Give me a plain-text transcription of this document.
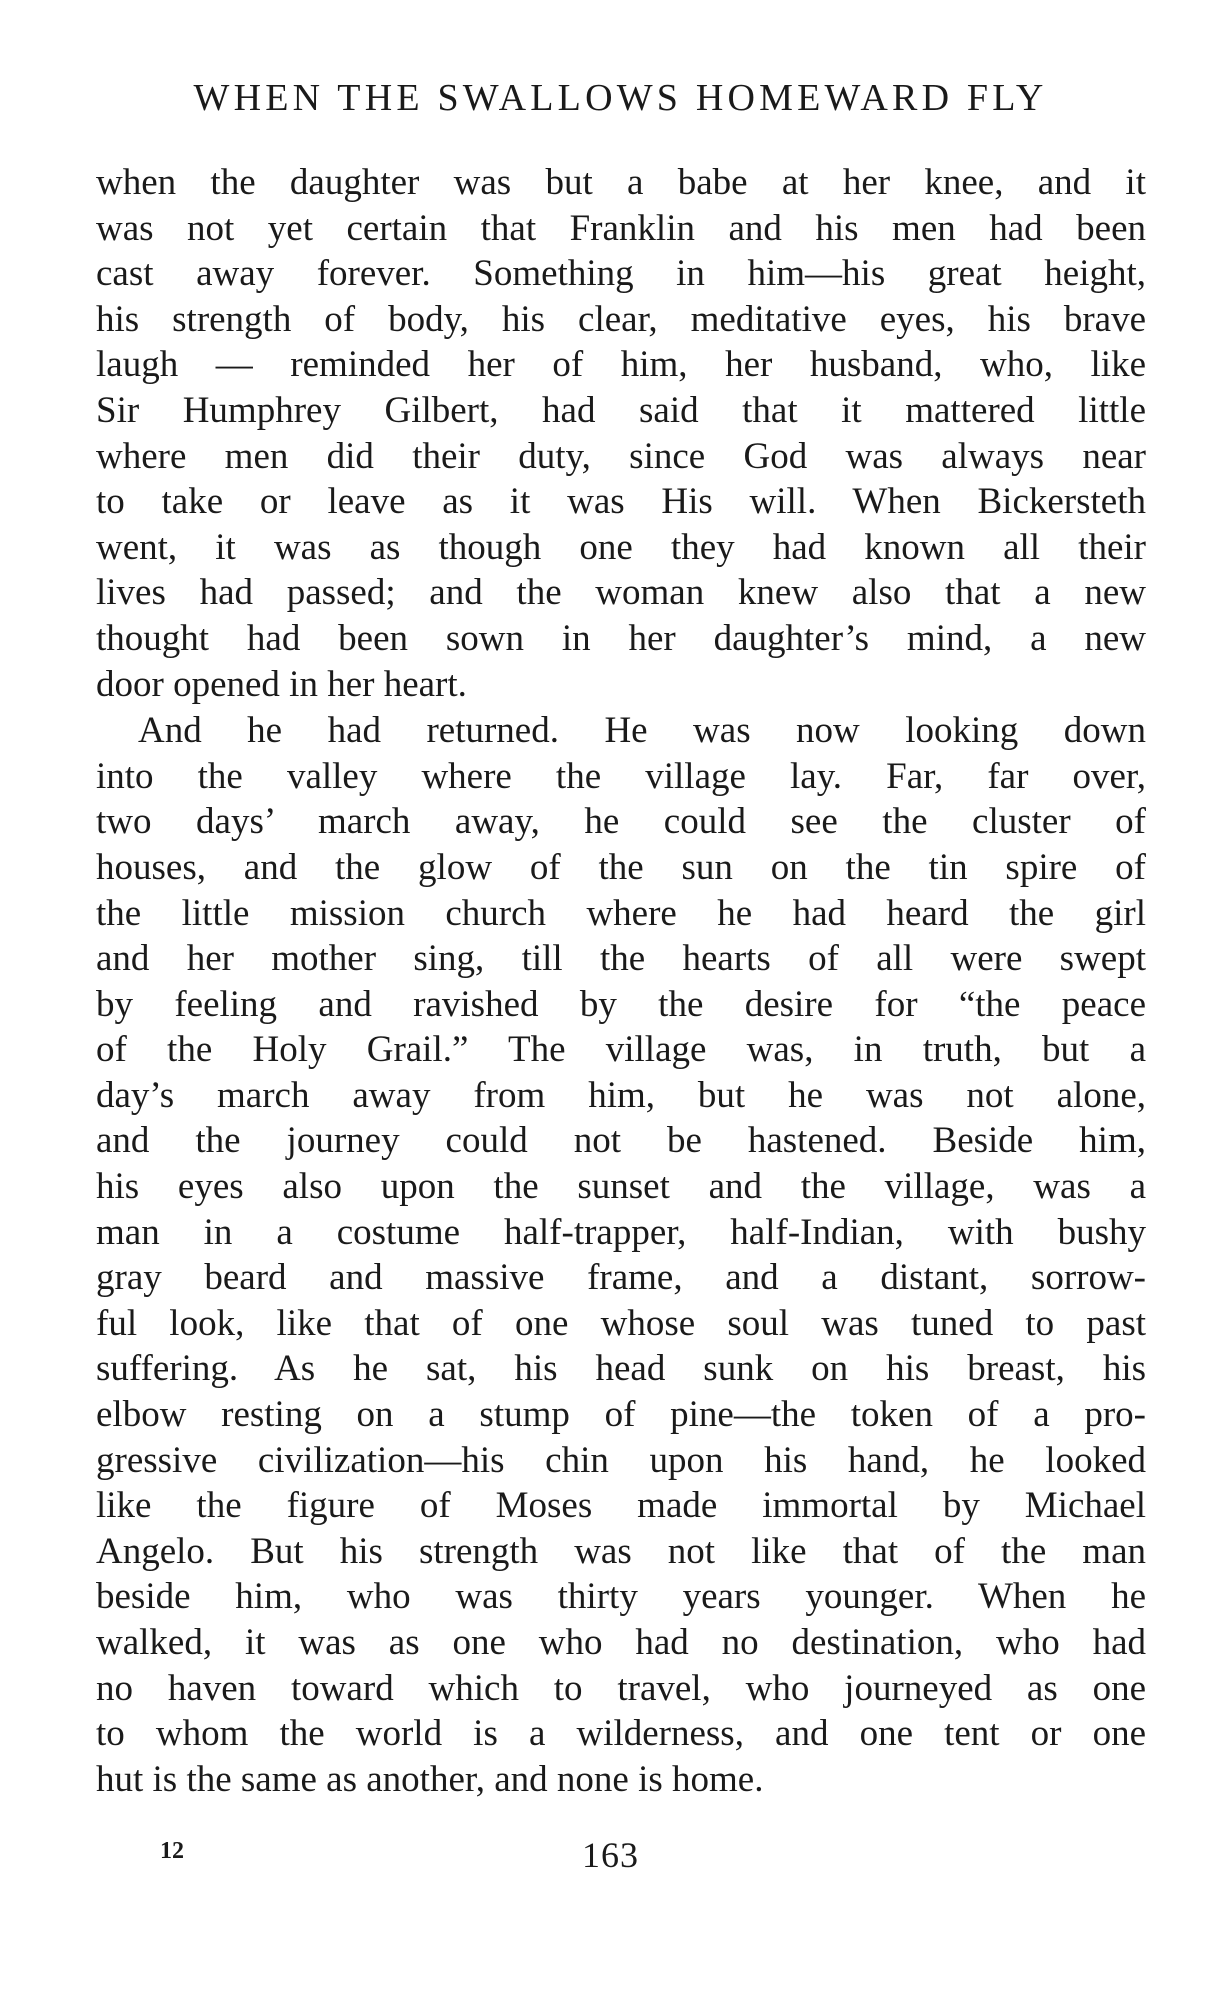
WHEN THE SWALLOWS HOMEWARD FLY
when the daughter was but a babe at her knee, and it
was not yet certain that Franklin and his men had been
cast away forever. Something in him—his great height,
his strength of body, his clear, meditative eyes, his brave
laugh — reminded her of him, her husband, who, like
Sir Humphrey Gilbert, had said that it mattered little
where men did their duty, since God was always near
to take or leave as it was His will. When Bickersteth
went, it was as though one they had known all their
lives had passed; and the woman knew also that a new
thought had been sown in her daughter’s mind, a new
door opened in her heart.
And he had returned. He was now looking down
into the valley where the village lay. Far, far over,
two days’ march away, he could see the cluster of
houses, and the glow of the sun on the tin spire of
the little mission church where he had heard the girl
and her mother sing, till the hearts of all were swept
by feeling and ravished by the desire for “the peace
of the Holy Grail.” The village was, in truth, but a
day’s march away from him, but he was not alone,
and the journey could not be hastened. Beside him,
his eyes also upon the sunset and the village, was a
man in a costume half-trapper, half-Indian, with bushy
gray beard and massive frame, and a distant, sorrow-
ful look, like that of one whose soul was tuned to past
suffering. As he sat, his head sunk on his breast, his
elbow resting on a stump of pine—the token of a pro-
gressive civilization—his chin upon his hand, he looked
like the figure of Moses made immortal by Michael
Angelo. But his strength was not like that of the man
beside him, who was thirty years younger. When he
walked, it was as one who had no destination, who had
no haven toward which to travel, who journeyed as one
to whom the world is a wilderness, and one tent or one
hut is the same as another, and none is home.
12	163
